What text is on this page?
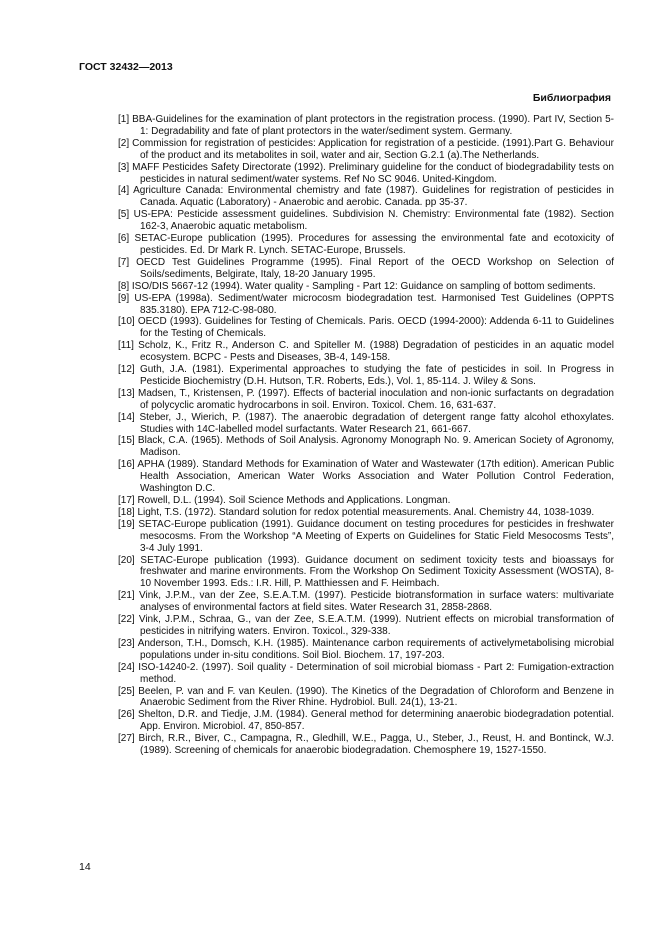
ГОСТ 32432—2013
Библиография

[1] BBA-Guidelines for the examination of plant protectors in the registration process. (1990). Part IV, Section 5-1: Degradability and fate of plant protectors in the water/sediment system. Germany.

[2] Commission for registration of pesticides: Application for registration of a pesticide. (1991).Part G. Behaviour of the product and its metabolites in soil, water and air, Section G.2.1 (a).The Netherlands.

[3] MAFF Pesticides Safety Directorate (1992). Preliminary guideline for the conduct of biodegradability tests on pesticides in natural sediment/water systems. Ref No SC 9046. United-Kingdom.

[4] Agriculture Canada: Environmental chemistry and fate (1987). Guidelines for registration of pesticides in Canada. Aquatic (Laboratory) - Anaerobic and aerobic. Canada. pp 35-37.

[5] US-EPA: Pesticide assessment guidelines. Subdivision N. Chemistry: Environmental fate (1982). Section 162-3, Anaerobic aquatic metabolism.

[6] SETAC-Europe publication (1995). Procedures for assessing the environmental fate and ecotoxicity of pesticides. Ed. Dr Mark R. Lynch. SETAC-Europe, Brussels.

[7] OECD Test Guidelines Programme (1995). Final Report of the OECD Workshop on Selection of Soils/sediments, Belgirate, Italy, 18-20 January 1995.

[8] ISO/DIS 5667-12 (1994). Water quality - Sampling - Part 12: Guidance on sampling of bottom sediments.

[9] US-EPA (1998a). Sediment/water microcosm biodegradation test. Harmonised Test Guidelines (OPPTS 835.3180). EPA 712-C-98-080.

[10] OECD (1993). Guidelines for Testing of Chemicals. Paris. OECD (1994-2000): Addenda 6-11 to Guidelines for the Testing of Chemicals.

[11] Scholz, K., Fritz R., Anderson C. and Spiteller M. (1988) Degradation of pesticides in an aquatic model ecosystem. BCPC - Pests and Diseases, 3B-4, 149-158.

[12] Guth, J.A. (1981). Experimental approaches to studying the fate of pesticides in soil. In Progress in Pesticide Biochemistry (D.H. Hutson, T.R. Roberts, Eds.), Vol. 1, 85-114. J. Wiley & Sons.

[13] Madsen, T., Kristensen, P. (1997). Effects of bacterial inoculation and non-ionic surfactants on degradation of polycyclic aromatic hydrocarbons in soil. Environ. Toxicol. Chem. 16, 631-637.

[14] Steber, J., Wierich, P. (1987). The anaerobic degradation of detergent range fatty alcohol ethoxylates. Studies with 14C-labelled model surfactants. Water Research 21, 661-667.

[15] Black, C.A. (1965). Methods of Soil Analysis. Agronomy Monograph No. 9. American Society of Agronomy, Madison.

[16] APHA (1989). Standard Methods for Examination of Water and Wastewater (17th edition). American Public Health Association, American Water Works Association and Water Pollution Control Federation, Washington D.C.

[17] Rowell, D.L. (1994). Soil Science Methods and Applications. Longman.

[18] Light, T.S. (1972). Standard solution for redox potential measurements. Anal. Chemistry 44, 1038-1039.

[19] SETAC-Europe publication (1991). Guidance document on testing procedures for pesticides in freshwater mesocosms. From the Workshop “A Meeting of Experts on Guidelines for Static Field Mesocosms Tests”, 3-4 July 1991.

[20] SETAC-Europe publication (1993). Guidance document on sediment toxicity tests and bioassays for freshwater and marine environments. From the Workshop On Sediment Toxicity Assessment (WOSTA), 8-10 November 1993. Eds.: I.R. Hill, P. Matthiessen and F. Heimbach.

[21] Vink, J.P.M., van der Zee, S.E.A.T.M. (1997). Pesticide biotransformation in surface waters: multivariate analyses of environmental factors at field sites. Water Research 31, 2858-2868.

[22] Vink, J.P.M., Schraa, G., van der Zee, S.E.A.T.M. (1999). Nutrient effects on microbial transformation of pesticides in nitrifying waters. Environ. Toxicol., 329-338.

[23] Anderson, T.H., Domsch, K.H. (1985). Maintenance carbon requirements of activelymetabolising microbial populations under in-situ conditions. Soil Biol. Biochem. 17, 197-203.

[24] ISO-14240-2. (1997). Soil quality - Determination of soil microbial biomass - Part 2: Fumigation-extraction method.

[25] Beelen, P. van and F. van Keulen. (1990). The Kinetics of the Degradation of Chloroform and Benzene in Anaerobic Sediment from the River Rhine. Hydrobiol. Bull. 24(1), 13-21.

[26] Shelton, D.R. and Tiedje, J.M. (1984). General method for determining anaerobic biodegradation potential. App. Environ. Microbiol. 47, 850-857.

[27] Birch, R.R., Biver, C., Campagna, R., Gledhill, W.E., Pagga, U., Steber, J., Reust, H. and Bontinck, W.J. (1989). Screening of chemicals for anaerobic biodegradation. Chemosphere 19, 1527-1550.

14
